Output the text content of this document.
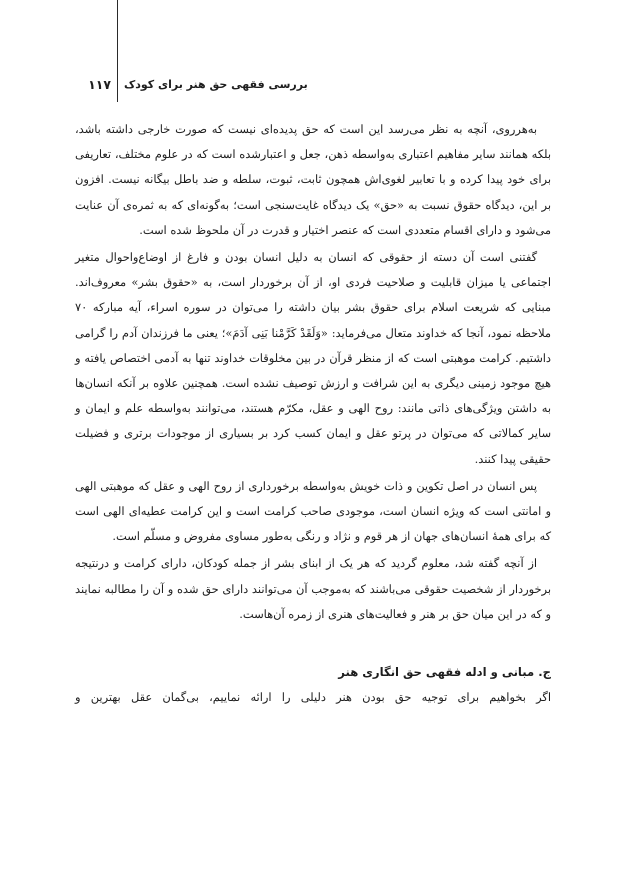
۱۱۷ بررسی فقهی حق هنر برای کودک

به‌هرروی، آنچه به نظر می‌رسد این است که حق پدیده‌ای نیست که صورت خارجی داشته باشد، بلکه همانند سایر مفاهیم اعتباری به‌واسطه ذهن، جعل و اعتبارشده است که در علوم مختلف، تعاریفی برای خود پیدا کرده و با تعابیر لغوی‌اش همچون ثابت، ثبوت، سلطه و ضد باطل بیگانه نیست. افزون بر این، دیدگاه حقوق نسبت به «حق» یک دیدگاه غایت‌سنجی است؛ به‌گونه‌ای که به ثمره‌ی آن عنایت می‌شود و دارای اقسام متعددی است که عنصر اختیار و قدرت در آن ملحوظ شده است.

گفتنی است آن دسته از حقوقی که انسان به دلیل انسان بودن و فارغ از اوضاع‌واحوال متغیر اجتماعی یا میزان قابلیت و صلاحیت فردی او، از آن برخوردار است، به «حقوق بشر» معروف‌اند. مبنایی که شریعت اسلام برای حقوق بشر بیان داشته را می‌توان در سوره اسراء، آیه مبارکه ۷۰ ملاحظه نمود، آنجا که خداوند متعال می‌فرماید: «وَلَقَدْ کَرَّمْنا بَنِی آدَمَ»؛ یعنی ما فرزندان آدم را گرامی داشتیم. کرامت موهبتی است که از منظر قرآن در بین مخلوقات خداوند تنها به آدمی اختصاص یافته و هیچ موجود زمینی دیگری به این شرافت و ارزش توصیف نشده است. همچنین علاوه بر آنکه انسان‌ها به داشتن ویژگی‌های ذاتی مانند: روح الهی و عقل، مکرّم هستند، می‌توانند به‌واسطه علم و ایمان و سایر کمالاتی که می‌توان در پرتو عقل و ایمان کسب کرد بر بسیاری از موجودات برتری و فضیلت حقیقی پیدا کنند.

پس انسان در اصل تکوین و ذات خویش به‌واسطه برخورداری از روح الهی و عقل که موهبتی الهی و امانتی است که ویژه انسان است، موجودی صاحب کرامت است و این کرامت عطیه‌ای الهی است که برای همهٔ انسان‌های جهان از هر قوم و نژاد و رنگی به‌طور مساوی مفروض و مسلّم است.

از آنچه گفته شد، معلوم گردید که هر یک از ابنای بشر از جمله کودکان، دارای کرامت و درنتیجه برخوردار از شخصیت حقوقی می‌باشند که به‌موجب آن می‌توانند دارای حق شده و آن را مطالبه نمایند و که در این میان حق بر هنر و فعالیت‌های هنری از زمره آن‌هاست.

ج. مبانی و ادله فقهی حق انگاری هنر

اگر بخواهیم برای توجیه حق بودن هنر دلیلی را ارائه نماییم، بی‌گمان عقل بهترین و
